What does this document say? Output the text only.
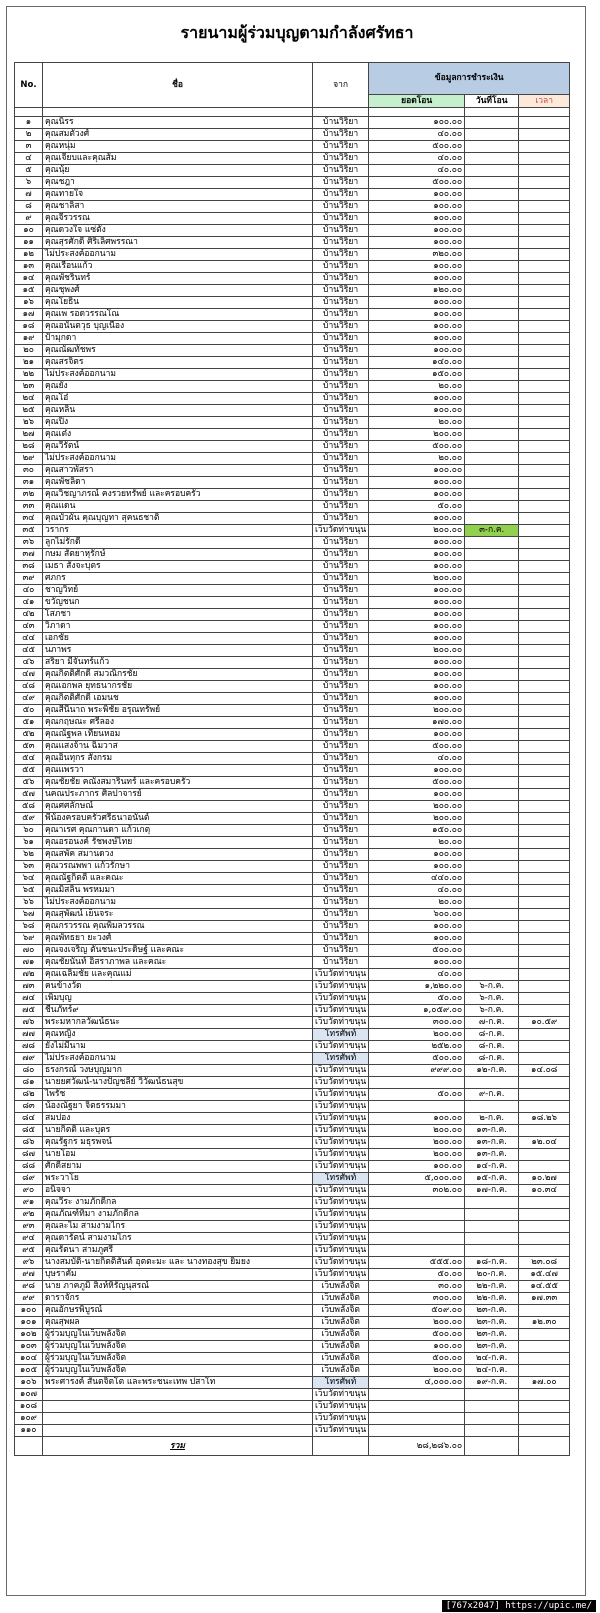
รายนามผู้ร่วมบุญตามกำลังศรัทธา
No.	ชื่อ	จาก	ข้อมูลการชำระเงิน		
			ยอดโอน	วันที่โอน	เวลา

๑	คุณนิรร	บ้านวิริยา	๑๐๐.๐๐		
๒	คุณสมตัวงศ์	บ้านวิริยา	๔๐.๐๐		
๓	คุณหนุ่ม	บ้านวิริยา	๕๐๐.๐๐		
๔	คุณเจี๊ยบและคุณส้ม	บ้านวิริยา	๔๐.๐๐		
๕	คุณนุ้ย	บ้านวิริยา	๔๐.๐๐		
๖	คุณชฎา	บ้านวิริยา	๕๐๐.๐๐		
๗	คุณทายใจ	บ้านวิริยา	๑๐๐.๐๐		
๘	คุณชาลิสา	บ้านวิริยา	๑๐๐.๐๐		
๙	คุณจีรวรรณ	บ้านวิริยา	๑๐๐.๐๐		
๑๐	คุณดวงใจ แซ่ตั้ง	บ้านวิริยา	๑๐๐.๐๐		
๑๑	คุณสุรศักดิ์ ศิริเลิศพรรณา	บ้านวิริยา	๑๐๐.๐๐		
๑๒	ไม่ประสงค์ออกนาม	บ้านวิริยา	๓๒๐.๐๐		
๑๓	คุณเรือนแก้ว	บ้านวิริยา	๑๐๐.๐๐		
๑๔	คุณพัชรินทร์	บ้านวิริยา	๑๐๐.๐๐		
๑๕	คุณชุพงศ์	บ้านวิริยา	๑๒๐.๐๐		
๑๖	คุณโยธิน	บ้านวิริยา	๑๐๐.๐๐		
๑๗	คุณเพ รอดวรรณโณ	บ้านวิริยา	๑๐๐.๐๐		
๑๘	คุณอนันตวุธ บุญเนื่อง	บ้านวิริยา	๑๐๐.๐๐		
๑๙	ป้ามุกดา	บ้านวิริยา	๑๐๐.๐๐		
๒๐	คุณณัฒทัชพร	บ้านวิริยา	๑๐๐.๐๐		
๒๑	คุณสรจิตร	บ้านวิริยา	๑๔๐.๐๐		
๒๒	ไม่ประสงค์ออกนาม	บ้านวิริยา	๑๕๐.๐๐		
๒๓	คุณยัง	บ้านวิริยา	๒๐.๐๐		
๒๔	คุณโอ๋	บ้านวิริยา	๑๐๐.๐๐		
๒๕	คุณหลิน	บ้านวิริยา	๑๐๐.๐๐		
๒๖	คุณปิง	บ้านวิริยา	๒๐.๐๐		
๒๗	คุณเต๋ง	บ้านวิริยา	๒๐๐.๐๐		
๒๘	คุณวีรัตน์	บ้านวิริยา	๕๐๐.๐๐		
๒๙	ไม่ประสงค์ออกนาม	บ้านวิริยา	๒๐.๐๐		
๓๐	คุณสาวพัสรา	บ้านวิริยา	๑๐๐.๐๐		
๓๑	คุณพัชลิดา	บ้านวิริยา	๑๐๐.๐๐		
๓๒	คุณวิชญาภรณ์ คงรวยทรัพย์ และครอบครัว	บ้านวิริยา	๑๐๐.๐๐		
๓๓	คุณแดน	บ้านวิริยา	๕๐.๐๐		
๓๔	คุณบัวผัน คุณบุญทา สุคนธชาติ	บ้านวิริยา	๑๐๐.๐๐		
๓๕	วรากร	เว็บวัดท่าขนุน	๒๐๐.๐๐	๓-ก.ค.	
๓๖	ลูกไม่รักดี	บ้านวิริยา	๑๐๐.๐๐		
๓๗	กษม สัตยาหุรักษ์	บ้านวิริยา	๑๐๐.๐๐		
๓๘	เมธา สังจะบุตร	บ้านวิริยา	๑๐๐.๐๐		
๓๙	ศภกร	บ้านวิริยา	๒๐๐.๐๐		
๔๐	ชาญวิทย์	บ้านวิริยา	๑๐๐.๐๐		
๔๑	ขวัญชนก	บ้านวิริยา	๑๐๐.๐๐		
๔๒	โสภชา	บ้านวิริยา	๑๐๐.๐๐		
๔๓	วิภาดา	บ้านวิริยา	๑๐๐.๐๐		
๔๔	เอกชัย	บ้านวิริยา	๑๐๐.๐๐		
๔๕	นภาพร	บ้านวิริยา	๒๐๐.๐๐		
๔๖	สริยา มีจันทร์แก้ว	บ้านวิริยา	๑๐๐.๐๐		
๔๗	คุณกิตติศักดิ์ สมวณิกรชัย	บ้านวิริยา	๑๐๐.๐๐		
๔๘	คุณเอกพล ยุทธนากรชัย	บ้านวิริยา	๑๐๐.๐๐		
๔๙	คุณกิตติศักดิ์ เอมนช	บ้านวิริยา	๑๐๐.๐๐		
๕๐	คุณสีนีนาถ พระพิชัย อรุณทรัพย์	บ้านวิริยา	๒๐๐.๐๐		
๕๑	คุณกฤษณะ ศรีลอง	บ้านวิริยา	๑๗๐.๐๐		
๕๒	คุณณัฐพล เทียนหอม	บ้านวิริยา	๑๐๐.๐๐		
๕๓	คุณแสงจ้าน ฉิมวาส	บ้านวิริยา	๕๐๐.๐๐		
๕๔	คุณอินทุกร สังกรม	บ้านวิริยา	๔๐.๐๐		
๕๕	คุณแพรวา	บ้านวิริยา	๑๐๐.๐๐		
๕๖	คุณชัยชัย คณังสมารินทร์ และครอบครัว	บ้านวิริยา	๕๐๐.๐๐		
๕๗	นคณประภากร ศิลปาจารย์	บ้านวิริยา	๑๐๐.๐๐		
๕๘	คุณศศลักษณ์	บ้านวิริยา	๒๐๐.๐๐		
๕๙	พี่น้องครอบครัวศรีธนาอนันต์	บ้านวิริยา	๒๐๐.๐๐		
๖๐	คุณาเรศ คุณกานดา แก้วเกตุ	บ้านวิริยา	๑๕๐.๐๐		
๖๑	คุณอรอนงค์ รัชพงษ์ไทย	บ้านวิริยา	๒๐.๐๐		
๖๒	คุณสพัค สมานดวง	บ้านวิริยา	๑๐๐.๐๐		
๖๓	คุณวรณพพา แก้วรักษา	บ้านวิริยา	๑๐๐.๐๐		
๖๔	คุณณัฐกิตติ์ และคณะ	บ้านวิริยา	๔๔๐.๐๐		
๖๕	คุณมิสลิน พรหมมา	บ้านวิริยา	๔๐.๐๐		
๖๖	ไม่ประสงค์ออกนาม	บ้านวิริยา	๒๐.๐๐		
๖๗	คุณสุพัฒน์ เย็นจระ	บ้านวิริยา	๖๐๐.๐๐		
๖๘	คุณกรวรรณ คุณพิมลวรรณ	บ้านวิริยา	๑๐๐.๐๐		
๖๙	คุณพัทธยา ยะวงศ์	บ้านวิริยา	๑๐๐.๐๐		
๗๐	คุณจงเจริญ ตันชนะประดิษฐ์ และคณะ	บ้านวิริยา	๕๐๐.๐๐		
๗๑	คุณชัยนันท์ อิสราภาพล และคณะ	บ้านวิริยา	๑๐๐.๐๐		
๗๒	คุณเฉลิมชัย และคุณแม่	เว็บวัดท่าขนุน	๔๐.๐๐		
๗๓	คนข้างวัด	เว็บวัดท่าขนุน	๑,๒๒๐.๐๐	๖-ก.ค.	
๗๔	เพิ่มบุญ	เว็บวัดท่าขนุน	๕๐.๐๐	๖-ก.ค.	
๗๕	ชื่นภัทร์๙	เว็บวัดท่าขนุน	๑,๐๕๙.๐๐	๖-ก.ค.	
๗๖	พระมหากลวัฒน์ธนะ	เว็บวัดท่าขนุน	๓๐๐.๐๐	๗-ก.ค.	๑๐.๕๙
๗๗	คุณหญิง	โทรศัพท์	๒๐๐.๐๐	๘-ก.ค.	
๗๘	ยังไม่มีนาม	เว็บวัดท่าขนุน	๒๕๒.๐๐	๘-ก.ค.	
๗๙	ไม่ประสงค์ออกนาม	โทรศัพท์	๕๐๐.๐๐	๘-ก.ค.	
๘๐	ธรงกรณ์ วงษบุญมาก	เว็บวัดท่าขนุน	๙๙๙.๐๐	๑๒-ก.ค.	๑๔.๐๘
๘๑	นายยศวัฒน์-นางปัญชลีย์ วิวัฒน์ธนสุข	เว็บวัดท่าขนุน			
๘๒	ไพรัช	เว็บวัดท่าขนุน	๕๐.๐๐	๙-ก.ค.	
๘๓	น้องณัฐยา จิตธรรมมา	เว็บวัดท่าขนุน			
๘๔	สมปอง	เว็บวัดท่าขนุน	๑๐๐.๐๐	๒-ก.ค.	๑๘.๒๖
๘๕	นายกิตติ และบุตร	เว็บวัดท่าขนุน	๒๐๐.๐๐	๑๓-ก.ค.	
๘๖	คุณรัฐกร มธุรพจน์	เว็บวัดท่าขนุน	๒๐๐.๐๐	๑๓-ก.ค.	๑๒.๐๔
๘๗	นายโอม	เว็บวัดท่าขนุน	๒๐๐.๐๐	๑๓-ก.ค.	
๘๘	ศักดิ์สยาม	เว็บวัดท่าขนุน	๑๐๐.๐๐	๑๔-ก.ค.	
๘๙	พระวาโย	โทรศัพท์	๕,๐๐๐.๐๐	๑๕-ก.ค.	๑๐.๒๗
๙๐	อนิจจา	เว็บวัดท่าขนุน	๓๐๒.๐๐	๑๗-ก.ค.	๑๐.๓๔
๙๑	คุณวีระ งามภักดิ์กล	เว็บวัดท่าขนุน			
๙๒	คุณภัณฑ์ทิมา งามภักดิ์กล	เว็บวัดท่าขนุน			
๙๓	คุณละไม สามงามไกร	เว็บวัดท่าขนุน			
๙๔	คุณดารัตน์ สามงามไกร	เว็บวัดท่าขนุน			
๙๕	คุณรัตนา สามภูศรี	เว็บวัดท่าขนุน			
๙๖	นางสมบัติ-นายกิตติสันต์ อุตตะมะ และ นางทองสุข ยิ้มยง	เว็บวัดท่าขนุน	๕๕๕.๐๐	๑๘-ก.ค.	๒๓.๐๘
๙๗	บุษราคัม	เว็บวัดท่าขนุน	๕๐.๐๐	๒๐-ก.ค.	๑๕.๔๗
๙๘	นาย ภาคภูมิ สิงห์หิรัญนุสรณ์	เว็บพลังจิต	๓๐.๐๐	๒๒-ก.ค.	๑๔.๕๕
๙๙	ดาราจักร	เว็บพลังจิต	๓๐๐.๐๐	๒๒-ก.ค.	๑๗.๓๓
๑๐๐	คุณอักษรพิบูรณ์	เว็บพลังจิต	๕๐๙.๐๐	๒๓-ก.ค.	
๑๐๑	คุณสุพผล	เว็บพลังจิต	๒๐๐.๐๐	๒๓-ก.ค.	๑๒.๓๐
๑๐๒	ผู้ร่วมบุญในเว็บพลังจิต	เว็บพลังจิต	๕๐๐.๐๐	๒๓-ก.ค.	
๑๐๓	ผู้ร่วมบุญในเว็บพลังจิต	เว็บพลังจิต	๑๐๐.๐๐	๒๓-ก.ค.	
๑๐๔	ผู้ร่วมบุญในเว็บพลังจิต	เว็บพลังจิต	๕๐๐.๐๐	๒๔-ก.ค.	
๑๐๕	ผู้ร่วมบุญในเว็บพลังจิต	เว็บพลังจิต	๒๐๐.๐๐	๒๔-ก.ค.	
๑๐๖	พระศารงค์ สันตจิตโต และพระชนะเทพ ปสาโท	โทรศัพท์	๔,๐๐๐.๐๐	๑๙-ก.ค.	๑๗.๐๐
๑๐๗		เว็บวัดท่าขนุน			
๑๐๘		เว็บวัดท่าขนุน			
๑๐๙		เว็บวัดท่าขนุน			
๑๑๐		เว็บวัดท่าขนุน			
	รวม		๒๘,๒๘๖.๐๐		
[767x2047] https://upic.me/
